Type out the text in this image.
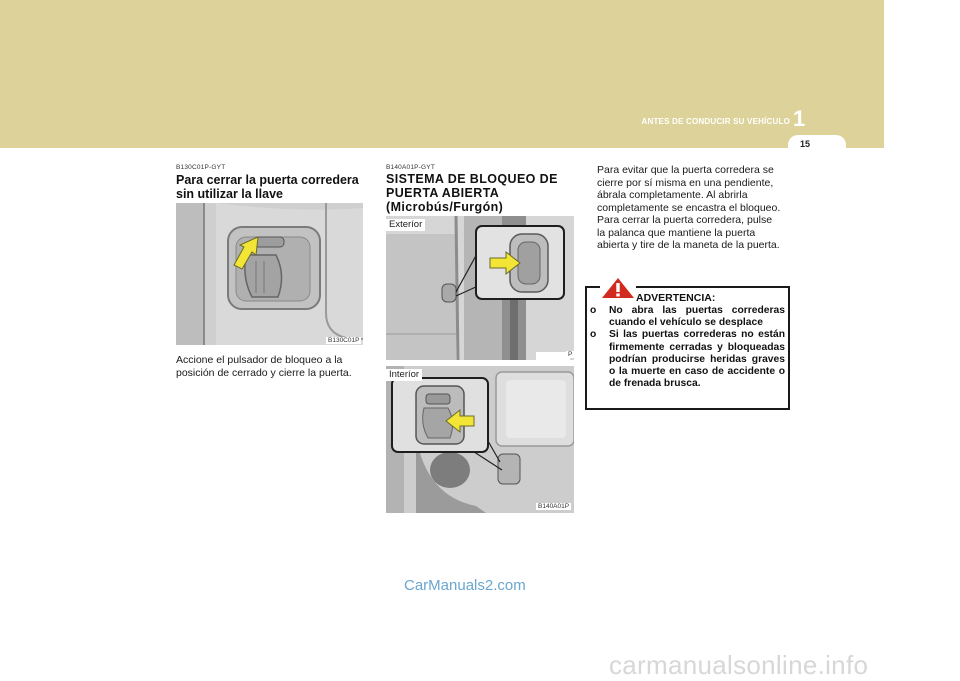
1
ANTES DE CONDUCIR SU VEHÍCULO
15
B130C01P-GYT
Para cerrar la puerta corredera
sin utilizar la llave
B130C01P
Accione el pulsador de bloqueo a la
posición de cerrado y cierre la puerta.
B140A01P-GYT
SISTEMA DE BLOQUEO DE
PUERTA ABIERTA
(Microbús/Furgón)
Exteríor
P
Interíor
B140A01P
Para evitar que la puerta corredera se
cierre por sí misma en una pendiente,
ábrala completamente. Al abrirla
completamente se encastra el bloqueo.
Para cerrar la puerta corredera, pulse
la palanca que mantiene la puerta
abierta y tire de la maneta de la puerta.
ADVERTENCIA:
o No abra las puertas correderas cuando el vehículo se desplace
o Si las puertas correderas no están firmemente cerradas y bloqueadas podrían producirse heridas graves o la muerte en caso de accidente o de frenada brusca.
CarManuals2.com
carmanualsonline.info
